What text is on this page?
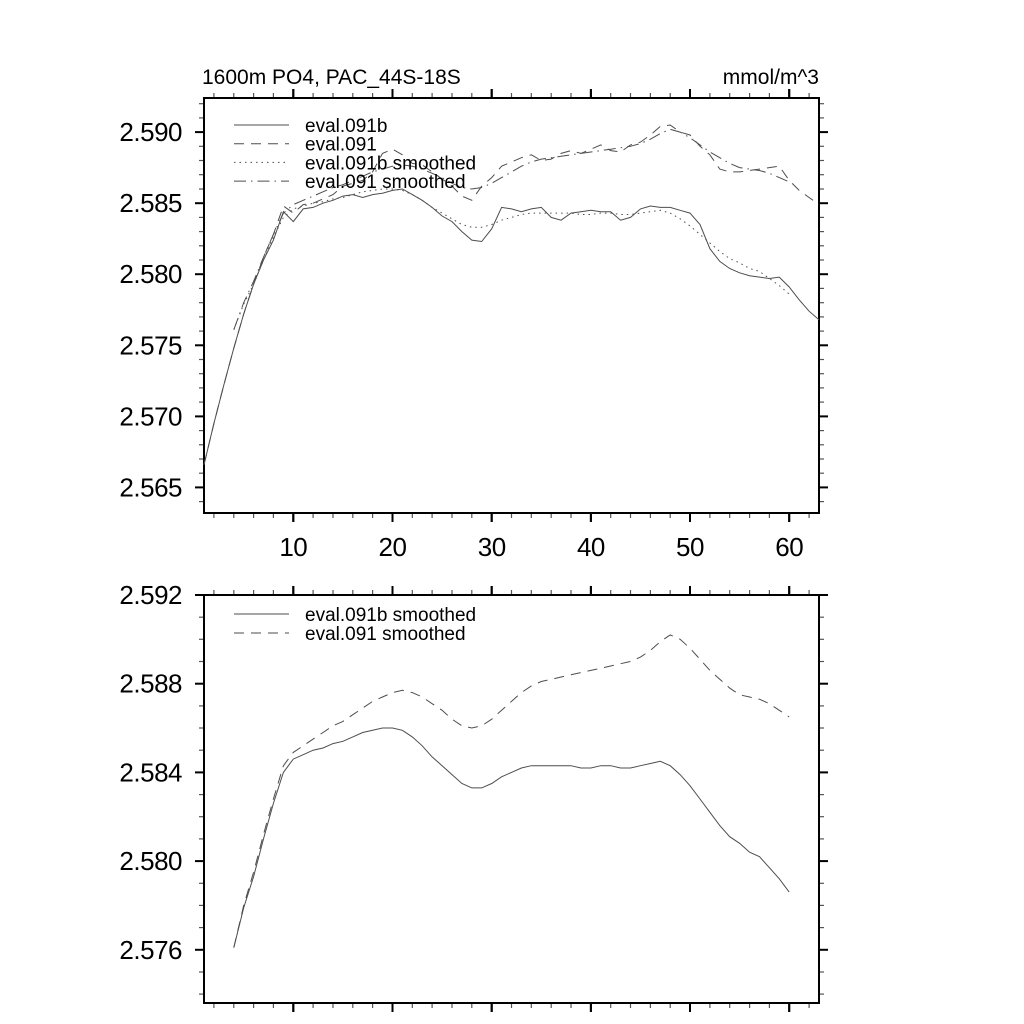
2.565
2.570
2.575
2.580
2.585
2.590
10	20	30	40	50	60
1600m PO4, PAC_44S-18S	mmol/m^3
eval.091b
eval.091
eval.091b smoothed
eval.091 smoothed
2.576
2.580
2.584
2.588
2.592
eval.091b smoothed
eval.091 smoothed
